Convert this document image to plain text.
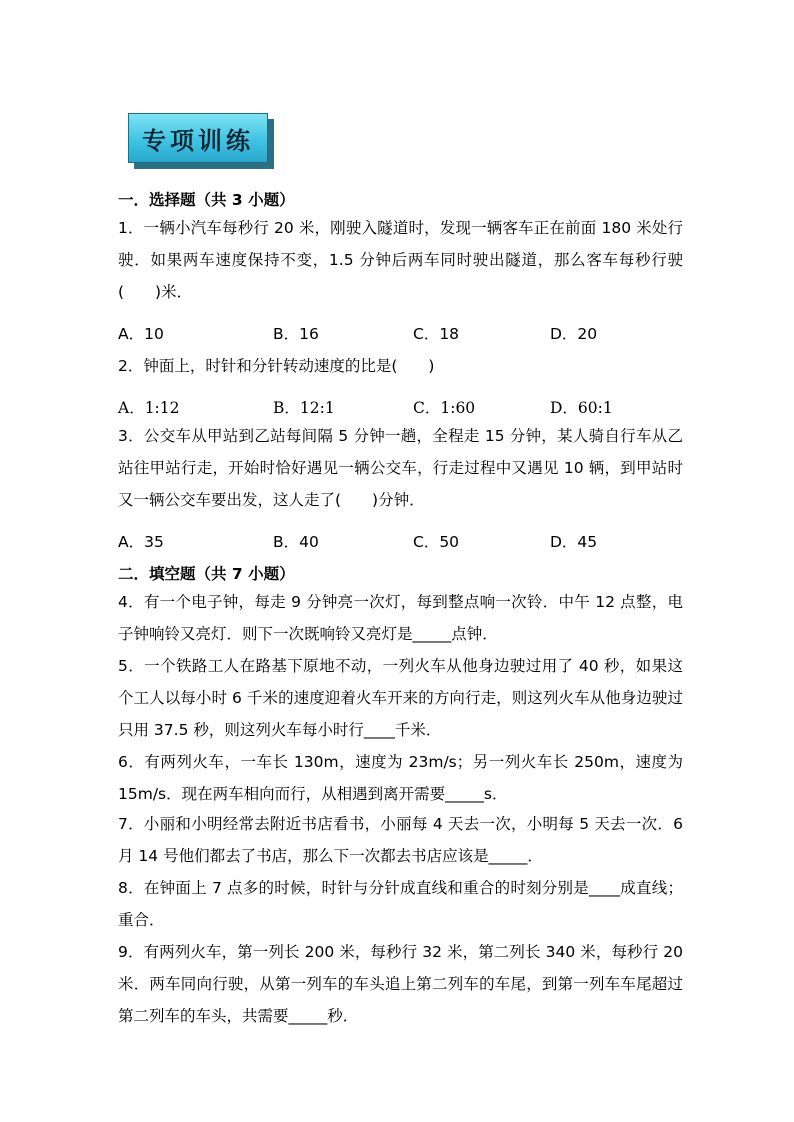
专项训练
一．选择题（共 3 小题）
1．一辆小汽车每秒行 20 米，刚驶入隧道时，发现一辆客车正在前面 180 米处行驶．如果两车速度保持不变，1.5 分钟后两车同时驶出隧道，那么客车每秒行驶(　　)米．
A．10	B．16	C．18	D．20
2．钟面上，时针和分针转动速度的比是(　　)
A．1:12	B．12:1	C．1:60	D．60:1
3．公交车从甲站到乙站每间隔 5 分钟一趟，全程走 15 分钟，某人骑自行车从乙站往甲站行走，开始时恰好遇见一辆公交车，行走过程中又遇见 10 辆，到甲站时又一辆公交车要出发，这人走了(　　)分钟．
A．35	B．40	C．50	D．45
二．填空题（共 7 小题）
4．有一个电子钟，每走 9 分钟亮一次灯，每到整点响一次铃．中午 12 点整，电子钟响铃又亮灯．则下一次既响铃又亮灯是_____点钟．
5．一个铁路工人在路基下原地不动，一列火车从他身边驶过用了 40 秒，如果这个工人以每小时 6 千米的速度迎着火车开来的方向行走，则这列火车从他身边驶过只用 37.5 秒，则这列火车每小时行____千米．
6．有两列火车，一车长 130m，速度为 23m/s；另一列火车长 250m，速度为 15m/s．现在两车相向而行，从相遇到离开需要_____s．
7．小丽和小明经常去附近书店看书，小丽每 4 天去一次，小明每 5 天去一次．6 月 14 号他们都去了书店，那么下一次都去书店应该是_____．
8．在钟面上 7 点多的时候，时针与分针成直线和重合的时刻分别是____成直线；重合．
9．有两列火车，第一列长 200 米，每秒行 32 米，第二列长 340 米，每秒行 20 米．两车同向行驶，从第一列车的车头追上第二列车的车尾，到第一列车车尾超过第二列车的车头，共需要_____秒．
